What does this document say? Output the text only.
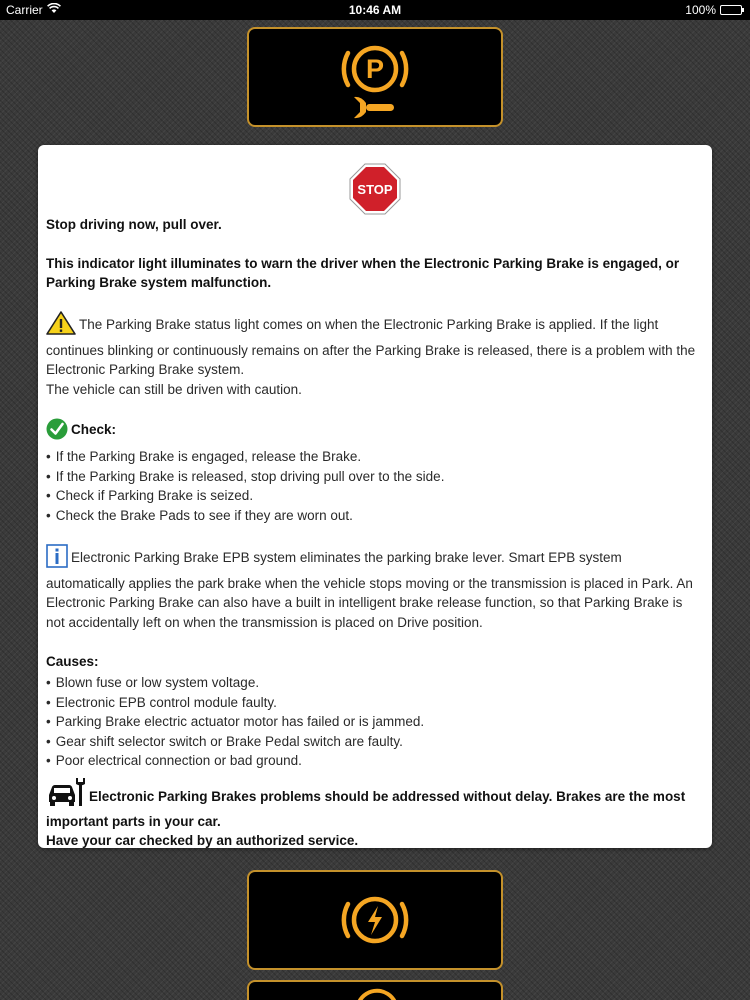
Carrier	10:46 AM	100%
P
STOP

Stop driving now, pull over.

This indicator light illuminates to warn the driver when the Electronic Parking Brake is engaged, or Parking Brake system malfunction.

The Parking Brake status light comes on when the Electronic Parking Brake is applied. If the light continues blinking or continuously remains on after the Parking Brake is released, there is a problem with the Electronic Parking Brake system.

The vehicle can still be driven with caution.

Check:
• If the Parking Brake is engaged, release the Brake.
• If the Parking Brake is released, stop driving pull over to the side.
• Check if Parking Brake is seized.
• Check the Brake Pads to see if they are worn out.

Electronic Parking Brake EPB system eliminates the parking brake lever. Smart EPB system automatically applies the park brake when the vehicle stops moving or the transmission is placed in Park. An Electronic Parking Brake can also have a built in intelligent brake release function, so that Parking Brake is not accidentally left on when the transmission is placed on Drive position.

Causes:
• Blown fuse or low system voltage.
• Electronic EPB control module faulty.
• Parking Brake electric actuator motor has failed or is jammed.
• Gear shift selector switch or Brake Pedal switch are faulty.
• Poor electrical connection or bad ground.

Electronic Parking Brakes problems should be addressed without delay. Brakes are the most important parts in your car.

Have your car checked by an authorized service.
